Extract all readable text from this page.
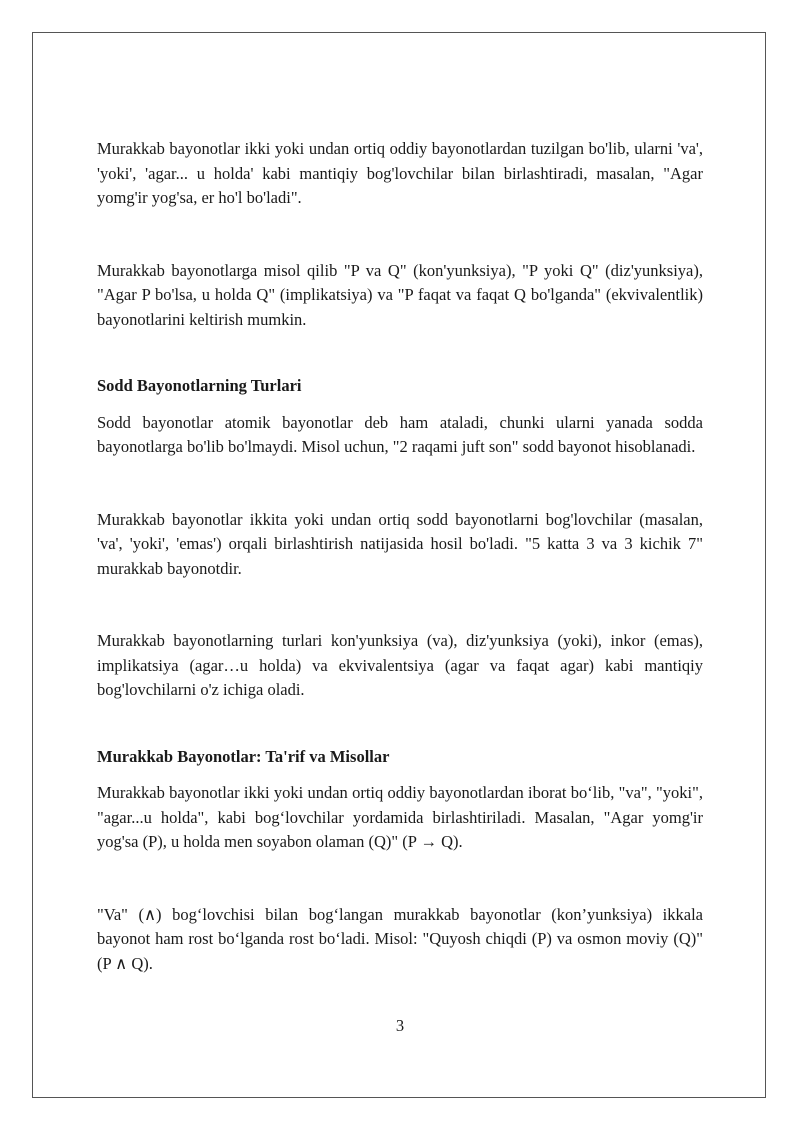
Murakkab bayonotlar ikki yoki undan ortiq oddiy bayonotlardan tuzilgan bo'lib, ularni 'va', 'yoki', 'agar... u holda' kabi mantiqiy bog'lovchilar bilan birlashtiradi, masalan, "Agar yomg'ir yog'sa, er ho'l bo'ladi".

Murakkab bayonotlarga misol qilib "P va Q" (kon'yunksiya), "P yoki Q" (diz'yunksiya), "Agar P bo'lsa, u holda Q" (implikatsiya) va "P faqat va faqat Q bo'lganda" (ekvivalentlik) bayonotlarini keltirish mumkin.

Sodd Bayonotlarning Turlari

Sodd bayonotlar atomik bayonotlar deb ham ataladi, chunki ularni yanada sodda bayonotlarga bo'lib bo'lmaydi. Misol uchun, "2 raqami juft son" sodd bayonot hisoblanadi.

Murakkab bayonotlar ikkita yoki undan ortiq sodd bayonotlarni bog'lovchilar (masalan, 'va', 'yoki', 'emas') orqali birlashtirish natijasida hosil bo'ladi. "5 katta 3 va 3 kichik 7" murakkab bayonotdir.

Murakkab bayonotlarning turlari kon'yunksiya (va), diz'yunksiya (yoki), inkor (emas), implikatsiya (agar…u holda) va ekvivalentsiya (agar va faqat agar) kabi mantiqiy bog'lovchilarni o'z ichiga oladi.

Murakkab Bayonotlar: Ta'rif va Misollar

Murakkab bayonotlar ikki yoki undan ortiq oddiy bayonotlardan iborat bo‘lib, "va", "yoki", "agar...u holda", kabi bog‘lovchilar yordamida birlashtiriladi. Masalan, "Agar yomg'ir yog'sa (P), u holda men soyabon olaman (Q)" (P → Q).

"Va" (∧) bog‘lovchisi bilan bog‘langan murakkab bayonotlar (kon’yunksiya) ikkala bayonot ham rost bo‘lganda rost bo‘ladi. Misol: "Quyosh chiqdi (P) va osmon moviy (Q)" (P ∧ Q).

3
